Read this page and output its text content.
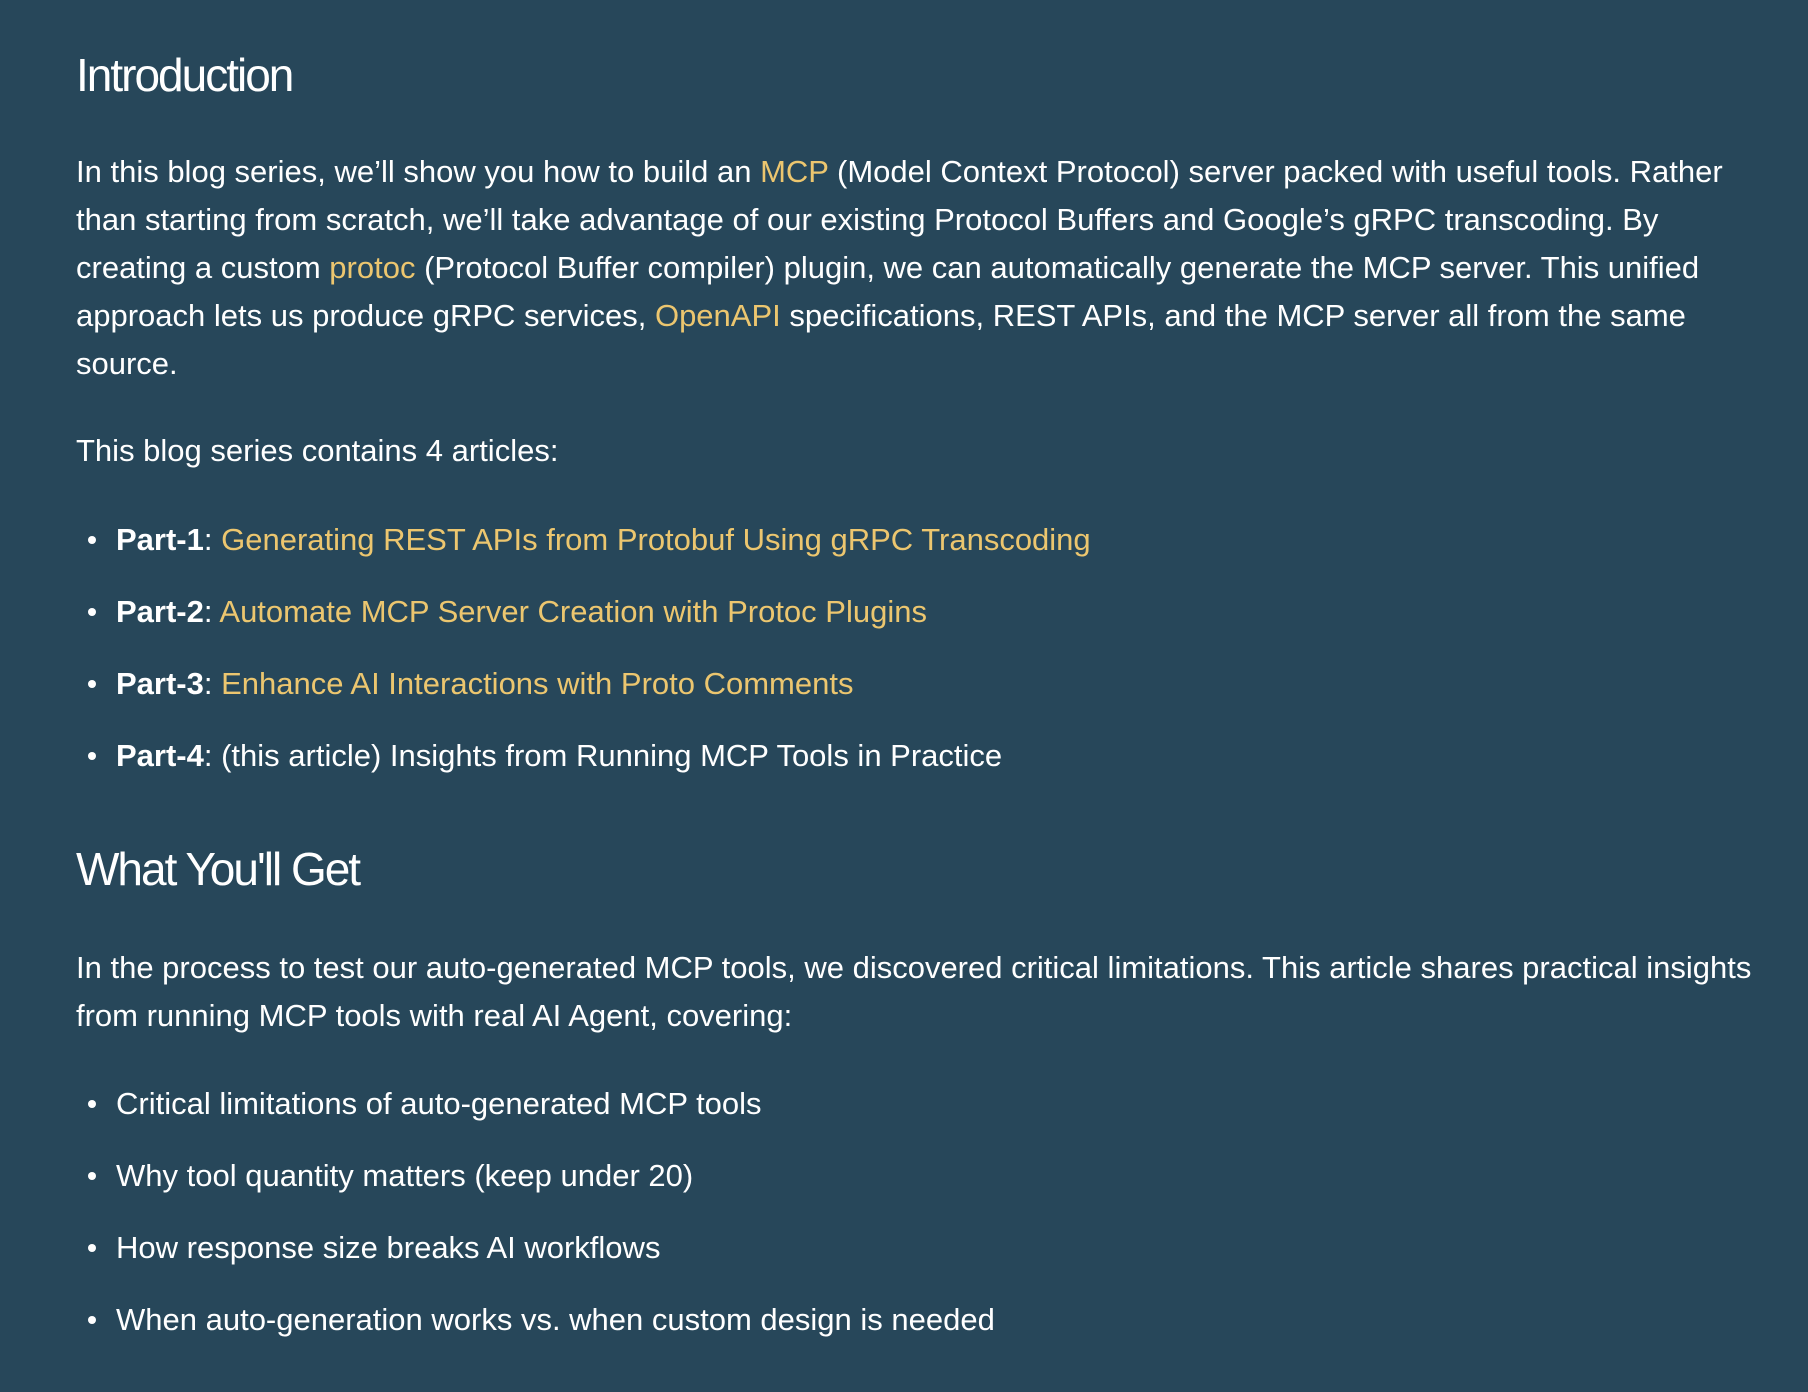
Introduction

In this blog series, we’ll show you how to build an MCP (Model Context Protocol) server packed with useful tools. Rather than starting from scratch, we’ll take advantage of our existing Protocol Buffers and Google’s gRPC transcoding. By creating a custom protoc (Protocol Buffer compiler) plugin, we can automatically generate the MCP server. This unified approach lets us produce gRPC services, OpenAPI specifications, REST APIs, and the MCP server all from the same source.

This blog series contains 4 articles:

Part-1: Generating REST APIs from Protobuf Using gRPC Transcoding
Part-2: Automate MCP Server Creation with Protoc Plugins
Part-3: Enhance AI Interactions with Proto Comments
Part-4: (this article) Insights from Running MCP Tools in Practice
What You'll Get

In the process to test our auto-generated MCP tools, we discovered critical limitations. This article shares practical insights from running MCP tools with real AI Agent, covering:

Critical limitations of auto-generated MCP tools
Why tool quantity matters (keep under 20)
How response size breaks AI workflows
When auto-generation works vs. when custom design is needed
